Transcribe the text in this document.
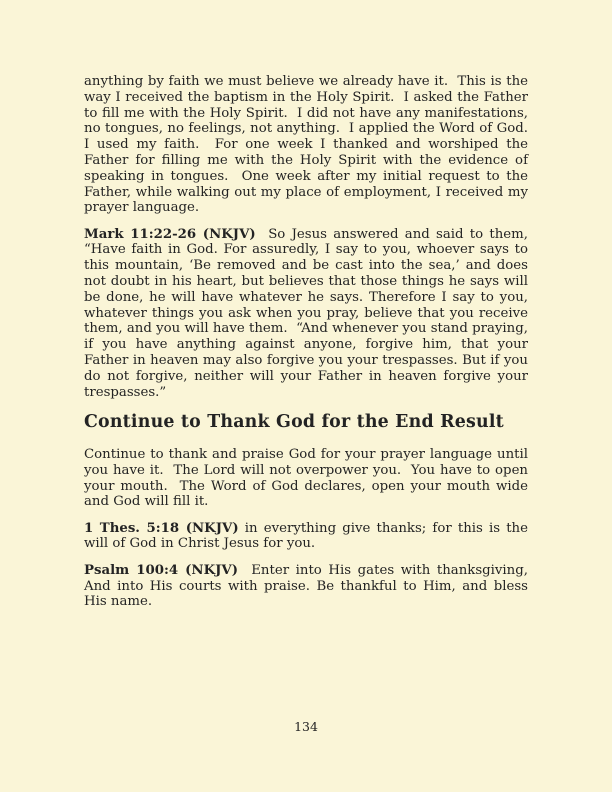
anything by faith we must believe we already have it.  This is the way I received the baptism in the Holy Spirit.  I asked the Father to fill me with the Holy Spirit.  I did not have any manifestations, no tongues, no feelings, not anything.  I applied the Word of God.  I used my faith.  For one week I thanked and worshiped the Father for filling me with the Holy Spirit with the evidence of speaking in tongues.  One week after my initial request to the Father, while walking out my place of employment, I received my prayer language.

Mark 11:22-26 (NKJV)  So Jesus answered and said to them, “Have faith in God. For assuredly, I say to you, whoever says to this mountain, ‘Be removed and be cast into the sea,’ and does not doubt in his heart, but believes that those things he says will be done, he will have whatever he says. Therefore I say to you, whatever things you ask when you pray, believe that you receive them, and you will have them.  “And whenever you stand praying, if you have anything against anyone, forgive him, that your Father in heaven may also forgive you your trespasses. But if you do not forgive, neither will your Father in heaven forgive your trespasses.”

Continue to Thank God for the End Result

Continue to thank and praise God for your prayer language until you have it.  The Lord will not overpower you.  You have to open your mouth.  The Word of God declares, open your mouth wide and God will fill it.

1 Thes. 5:18 (NKJV) in everything give thanks; for this is the will of God in Christ Jesus for you.

Psalm 100:4 (NKJV)  Enter into His gates with thanksgiving, And into His courts with praise. Be thankful to Him, and bless His name.

134
